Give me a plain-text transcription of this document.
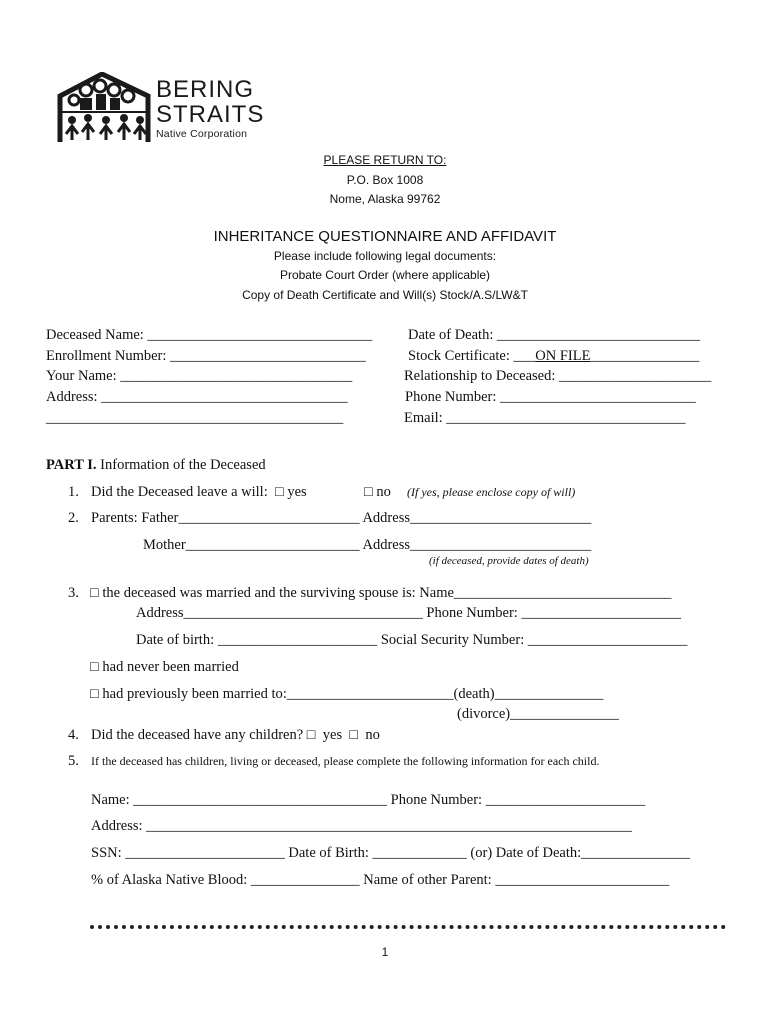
BERING
STRAITS
Native Corporation
PLEASE RETURN TO:
P.O. Box 1008
Nome, Alaska 99762
INHERITANCE QUESTIONNAIRE AND AFFIDAVIT
Please include following legal documents:
Probate Court Order (where applicable)
Copy of Death Certificate and Will(s) Stock/A.S/LW&T
Deceased Name: _______________________________ Date of Death: ____________________________
Enrollment Number: ___________________________	Stock Certificate: ___ON FILE_______________
Your Name: ________________________________	Relationship to Deceased: _____________________
Address: __________________________________	Phone Number: ___________________________
_________________________________________	Email: _________________________________
PART I. Information of the Deceased
1. Did the Deceased leave a will:  □ yes	□ no (If yes, please enclose copy of will)
2. Parents: Father_________________________ Address_________________________
Mother________________________ Address_________________________
(if deceased, provide dates of death)
3. □ the deceased was married and the surviving spouse is: Name______________________________
Address_________________________________ Phone Number: ______________________
Date of birth: ______________________ Social Security Number: ______________________
□ had never been married
□ had previously been married to:_______________________(death)_______________
(divorce)_______________
4. Did the deceased have any children? □  yes  □  no
5. If the deceased has children, living or deceased, please complete the following information for each child.
Name: ___________________________________ Phone Number: ______________________
Address: ___________________________________________________________________
SSN: ______________________ Date of Birth: _____________ (or) Date of Death:_______________
% of Alaska Native Blood: _______________ Name of other Parent: ________________________
1
